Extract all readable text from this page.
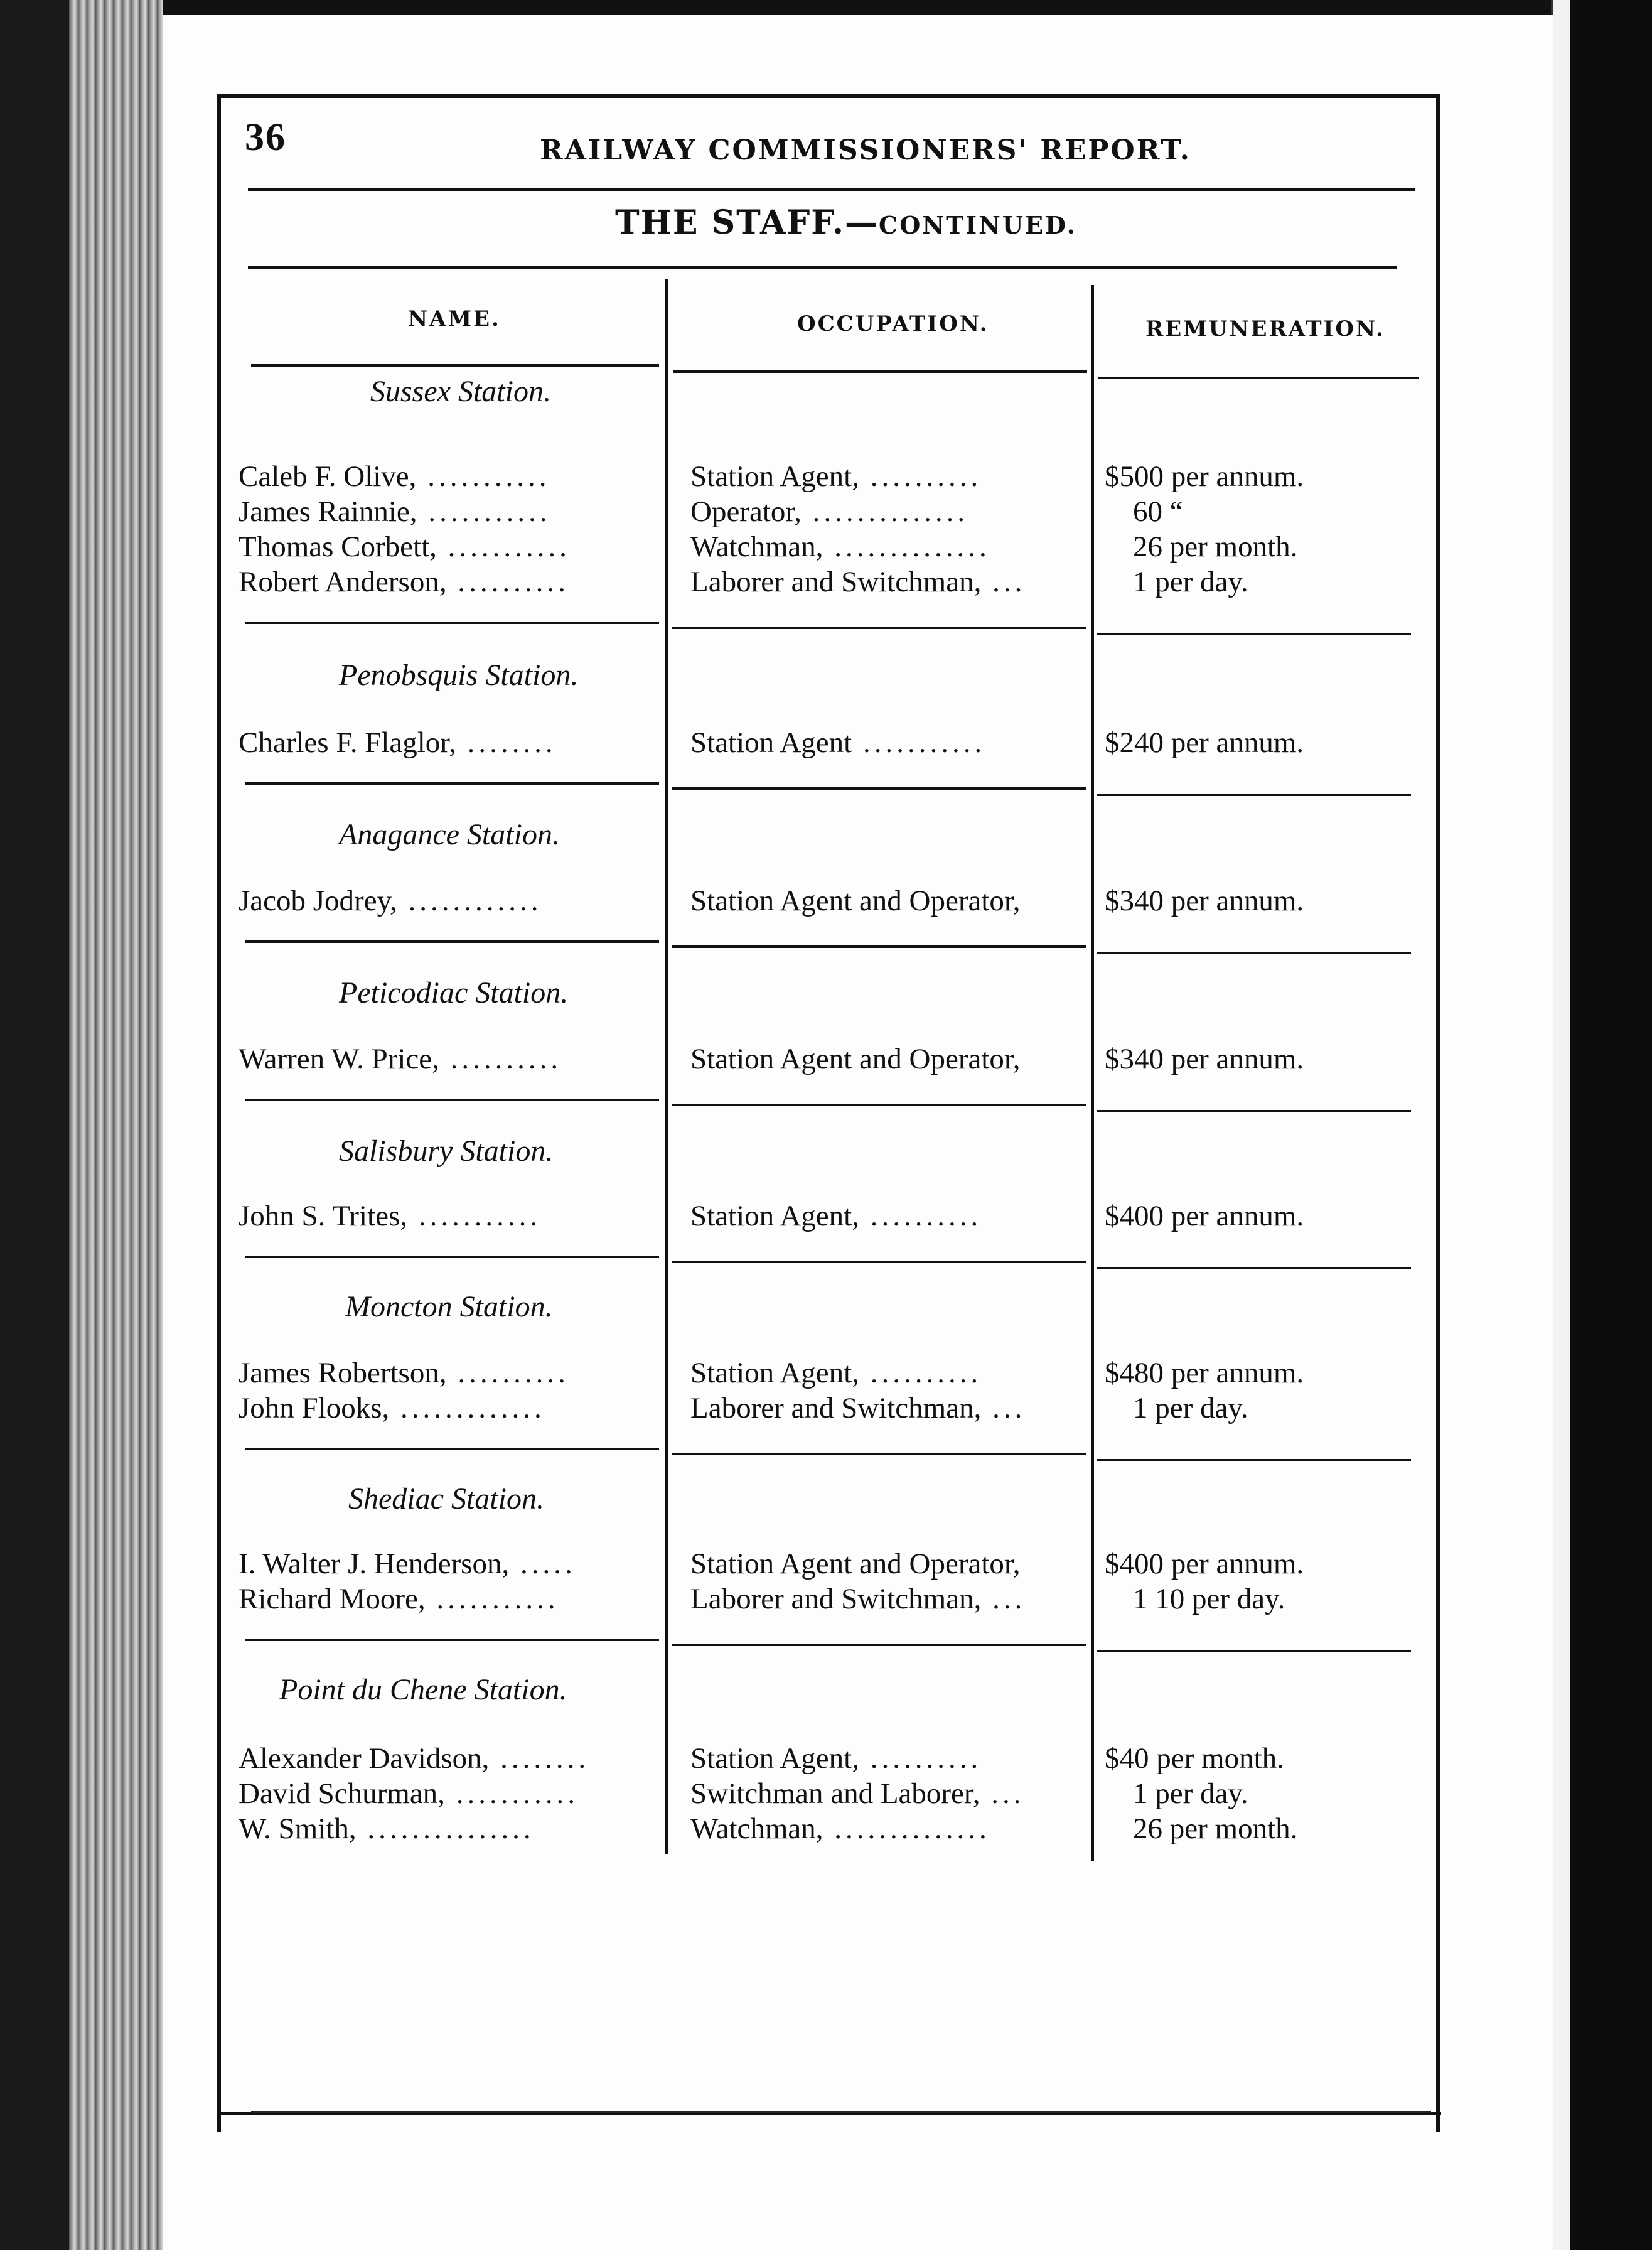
36	RAILWAY COMMISSIONERS' REPORT.
THE STAFF.—CONTINUED.
NAME.	OCCUPATION.	REMUNERATION.
Sussex Station.
Caleb F. Olive, ...........	Station Agent, ..........	$500 per annum.
James Rainnie, ...........	Operator, ..............	60 “
Thomas Corbett, ...........	Watchman, ..............	26 per month.
Robert Anderson, ..........	Laborer and Switchman, ...	1 per day.
Penobsquis Station.
Charles F. Flaglor, ........	Station Agent ...........	$240 per annum.
Anagance Station.
Jacob Jodrey, ............	Station Agent and Operator,	$340 per annum.
Peticodiac Station.
Warren W. Price, ..........	Station Agent and Operator,	$340 per annum.
Salisbury Station.
John S. Trites, ...........	Station Agent, ..........	$400 per annum.
Moncton Station.
James Robertson, ..........	Station Agent, ..........	$480 per annum.
John Flooks, .............	Laborer and Switchman, ...	1 per day.
Shediac Station.
I. Walter J. Henderson, .....	Station Agent and Operator,	$400 per annum.
Richard Moore, ...........	Laborer and Switchman, ...	1 10 per day.
Point du Chene Station.
Alexander Davidson, ........	Station Agent, ..........	$40 per month.
David Schurman, ...........	Switchman and Laborer, ...	1 per day.
W. Smith, ...............	Watchman, ..............	26 per month.
